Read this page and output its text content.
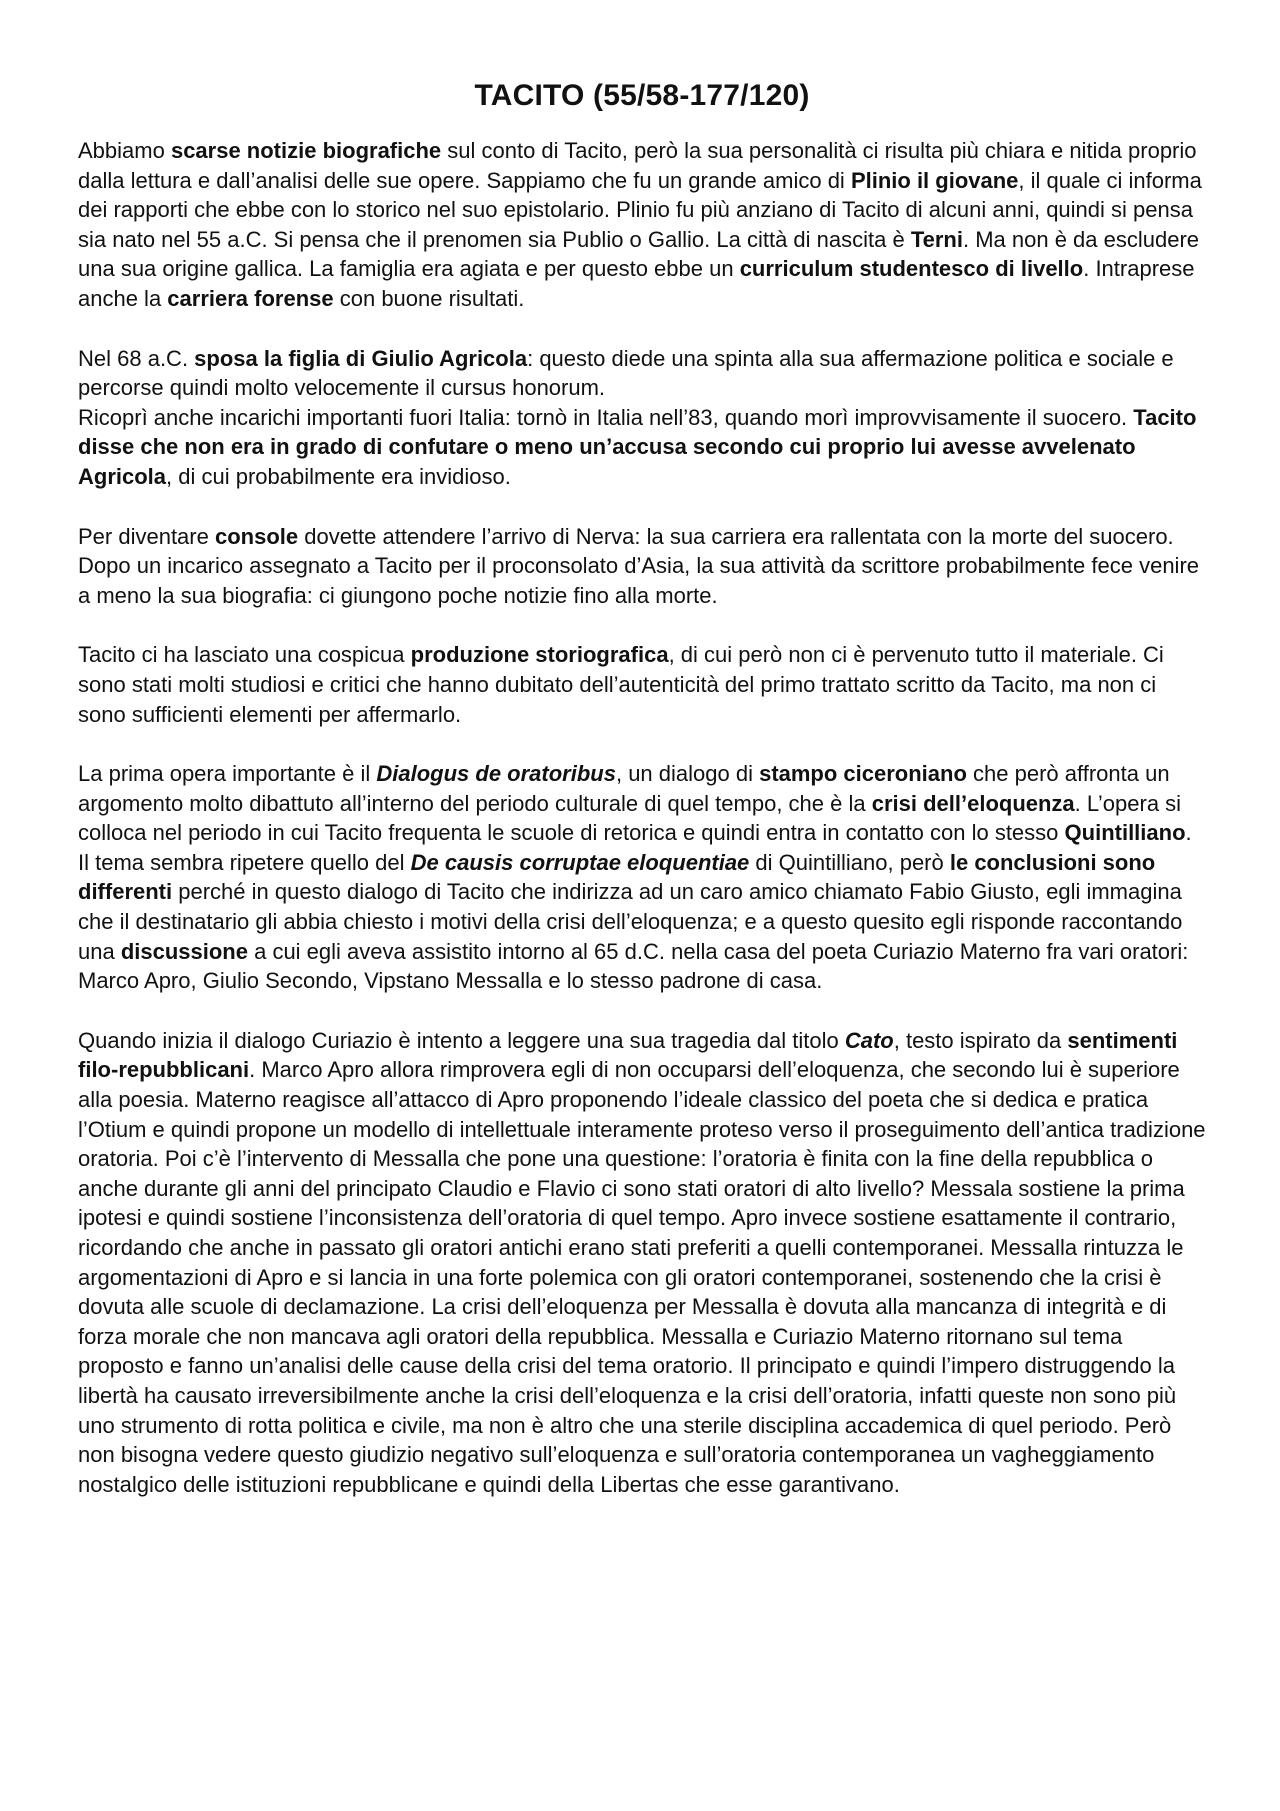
TACITO (55/58-177/120)

Abbiamo scarse notizie biografiche sul conto di Tacito, però la sua personalità ci risulta più chiara e nitida proprio dalla lettura e dall’analisi delle sue opere. Sappiamo che fu un grande amico di Plinio il giovane, il quale ci informa dei rapporti che ebbe con lo storico nel suo epistolario. Plinio fu più anziano di Tacito di alcuni anni, quindi si pensa sia nato nel 55 a.C. Si pensa che il prenomen sia Publio o Gallio. La città di nascita è Terni. Ma non è da escludere una sua origine gallica. La famiglia era agiata e per questo ebbe un curriculum studentesco di livello. Intraprese anche la carriera forense con buone risultati.

Nel 68 a.C. sposa la figlia di Giulio Agricola: questo diede una spinta alla sua affermazione politica e sociale e percorse quindi molto velocemente il cursus honorum.
Ricoprì anche incarichi importanti fuori Italia: tornò in Italia nell’83, quando morì improvvisamente il suocero. Tacito disse che non era in grado di confutare o meno un’accusa secondo cui proprio lui avesse avvelenato Agricola, di cui probabilmente era invidioso.

Per diventare console dovette attendere l’arrivo di Nerva: la sua carriera era rallentata con la morte del suocero.
Dopo un incarico assegnato a Tacito per il proconsolato d’Asia, la sua attività da scrittore probabilmente fece venire a meno la sua biografia: ci giungono poche notizie fino alla morte.

Tacito ci ha lasciato una cospicua produzione storiografica, di cui però non ci è pervenuto tutto il materiale. Ci sono stati molti studiosi e critici che hanno dubitato dell’autenticità del primo trattato scritto da Tacito, ma non ci sono sufficienti elementi per affermarlo.

La prima opera importante è il Dialogus de oratoribus, un dialogo di stampo ciceroniano che però affronta un argomento molto dibattuto all’interno del periodo culturale di quel tempo, che è la crisi dell’eloquenza. L’opera si colloca nel periodo in cui Tacito frequenta le scuole di retorica e quindi entra in contatto con lo stesso Quintilliano. Il tema sembra ripetere quello del De causis corruptae eloquentiae di Quintilliano, però le conclusioni sono differenti perché in questo dialogo di Tacito che indirizza ad un caro amico chiamato Fabio Giusto, egli immagina che il destinatario gli abbia chiesto i motivi della crisi dell’eloquenza; e a questo quesito egli risponde raccontando una discussione a cui egli aveva assistito intorno al 65 d.C. nella casa del poeta Curiazio Materno fra vari oratori: Marco Apro, Giulio Secondo, Vipstano Messalla e lo stesso padrone di casa.

Quando inizia il dialogo Curiazio è intento a leggere una sua tragedia dal titolo Cato, testo ispirato da sentimenti filo-repubblicani. Marco Apro allora rimprovera egli di non occuparsi dell’eloquenza, che secondo lui è superiore alla poesia. Materno reagisce all’attacco di Apro proponendo l’ideale classico del poeta che si dedica e pratica l’Otium e quindi propone un modello di intellettuale interamente proteso verso il proseguimento dell’antica tradizione oratoria. Poi c’è l’intervento di Messalla che pone una questione: l’oratoria è finita con la fine della repubblica o anche durante gli anni del principato Claudio e Flavio ci sono stati oratori di alto livello? Messala sostiene la prima ipotesi e quindi sostiene l’inconsistenza dell’oratoria di quel tempo. Apro invece sostiene esattamente il contrario, ricordando che anche in passato gli oratori antichi erano stati preferiti a quelli contemporanei. Messalla rintuzza le argomentazioni di Apro e si lancia in una forte polemica con gli oratori contemporanei, sostenendo che la crisi è dovuta alle scuole di declamazione. La crisi dell’eloquenza per Messalla è dovuta alla mancanza di integrità e di forza morale che non mancava agli oratori della repubblica. Messalla e Curiazio Materno ritornano sul tema proposto e fanno un’analisi delle cause della crisi del tema oratorio. Il principato e quindi l’impero distruggendo la libertà ha causato irreversibilmente anche la crisi dell’eloquenza e la crisi dell’oratoria, infatti queste non sono più uno strumento di rotta politica e civile, ma non è altro che una sterile disciplina accademica di quel periodo. Però non bisogna vedere questo giudizio negativo sull’eloquenza e sull’oratoria contemporanea un vagheggiamento nostalgico delle istituzioni repubblicane e quindi della Libertas che esse garantivano.
